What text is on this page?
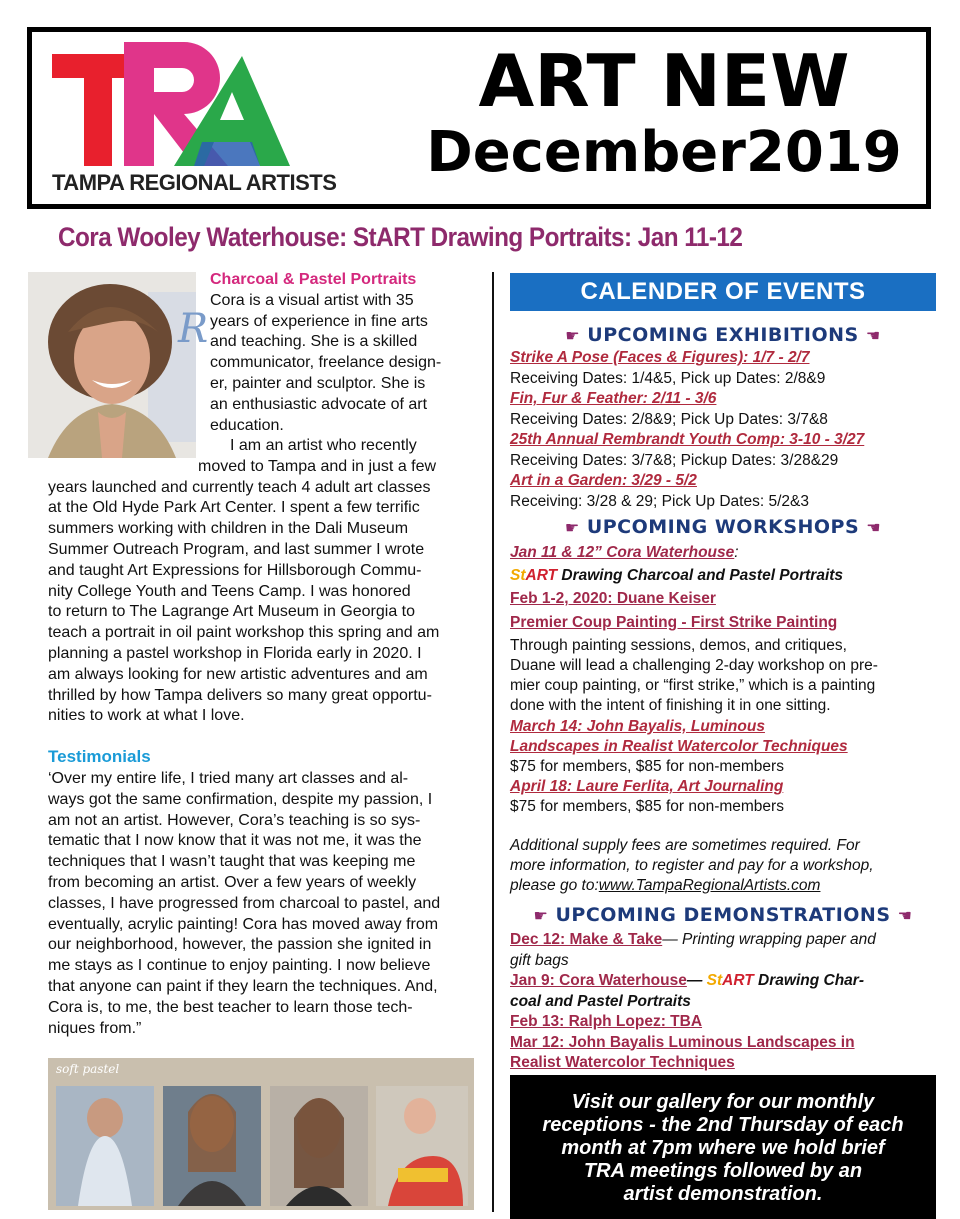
TAMPA REGIONAL ARTISTS
ART NEW
December2019
Cora Wooley Waterhouse: StART Drawing Portraits: Jan 11-12
R
Charcoal & Pastel Portraits
Cora is a visual artist with 35
years of experience in fine arts
and teaching. She is a skilled
communicator, freelance design-
er, painter and sculptor. She is
an enthusiastic advocate of art
education.
I am an artist who recently
moved to Tampa and in just a few
years launched and currently teach 4 adult art classes
at the Old Hyde Park Art Center. I spent a few terrific
summers working with children in the Dali Museum
Summer Outreach Program, and last summer I wrote
and taught Art Expressions for Hillsborough Commu-
nity College Youth and Teens Camp. I was honored
to return to The Lagrange Art Museum in Georgia to
teach a portrait in oil paint workshop this spring and am
planning a pastel workshop in Florida early in 2020. I
am always looking for new artistic adventures and am
thrilled by how Tampa delivers so many great opportu-
nities to work at what I love.
Testimonials
‘Over my entire life, I tried many art classes and al-
ways got the same confirmation, despite my passion, I
am not an artist. However, Cora’s teaching is so sys-
tematic that I now know that it was not me, it was the
techniques that I wasn’t taught that was keeping me
from becoming an artist. Over a few years of weekly
classes, I have progressed from charcoal to pastel, and
eventually, acrylic painting! Cora has moved away from
our neighborhood, however, the passion she ignited in
me stays as I continue to enjoy painting. I now believe
that anyone can paint if they learn the techniques. And,
Cora is, to me, the best teacher to learn those tech-
niques from.”
soft pastel
CALENDER OF EVENTS
☛ UPCOMING EXHIBITIONS ☚
Strike A Pose (Faces & Figures): 1/7 - 2/7
Receiving Dates: 1/4&5, Pick up Dates: 2/8&9
Fin, Fur & Feather: 2/11 - 3/6
Receiving Dates: 2/8&9; Pick Up Dates: 3/7&8
25th Annual Rembrandt Youth Comp: 3-10 - 3/27
Receiving Dates: 3/7&8; Pickup Dates: 3/28&29
Art in a Garden: 3/29 - 5/2
Receiving: 3/28 & 29; Pick Up Dates: 5/2&3
☛ UPCOMING WORKSHOPS ☚
Jan 11 & 12” Cora Waterhouse:
StART Drawing Charcoal and Pastel Portraits
Feb 1-2, 2020: Duane Keiser
Premier Coup Painting - First Strike Painting
Through painting sessions, demos, and critiques,
Duane will lead a challenging 2-day workshop on pre-
mier coup painting, or “first strike,” which is a painting
done with the intent of finishing it in one sitting.
March 14: John Bayalis, Luminous
Landscapes in Realist Watercolor Techniques
$75 for members, $85 for non-members
April 18: Laure Ferlita, Art Journaling
$75 for members, $85 for non-members
Additional supply fees are sometimes required. For
more information, to register and pay for a workshop,
please go to:www.TampaRegionalArtists.com
☛ UPCOMING DEMONSTRATIONS ☚
Dec 12: Make & Take— Printing wrapping paper and
gift bags
Jan 9: Cora Waterhouse— StART Drawing Char-
coal and Pastel Portraits
Feb 13: Ralph Lopez: TBA
Mar 12: John Bayalis Luminous Landscapes in
Realist Watercolor Techniques
Visit our gallery for our monthly
receptions - the 2nd Thursday of each
month at 7pm where we hold brief
TRA meetings followed by an
artist demonstration.
